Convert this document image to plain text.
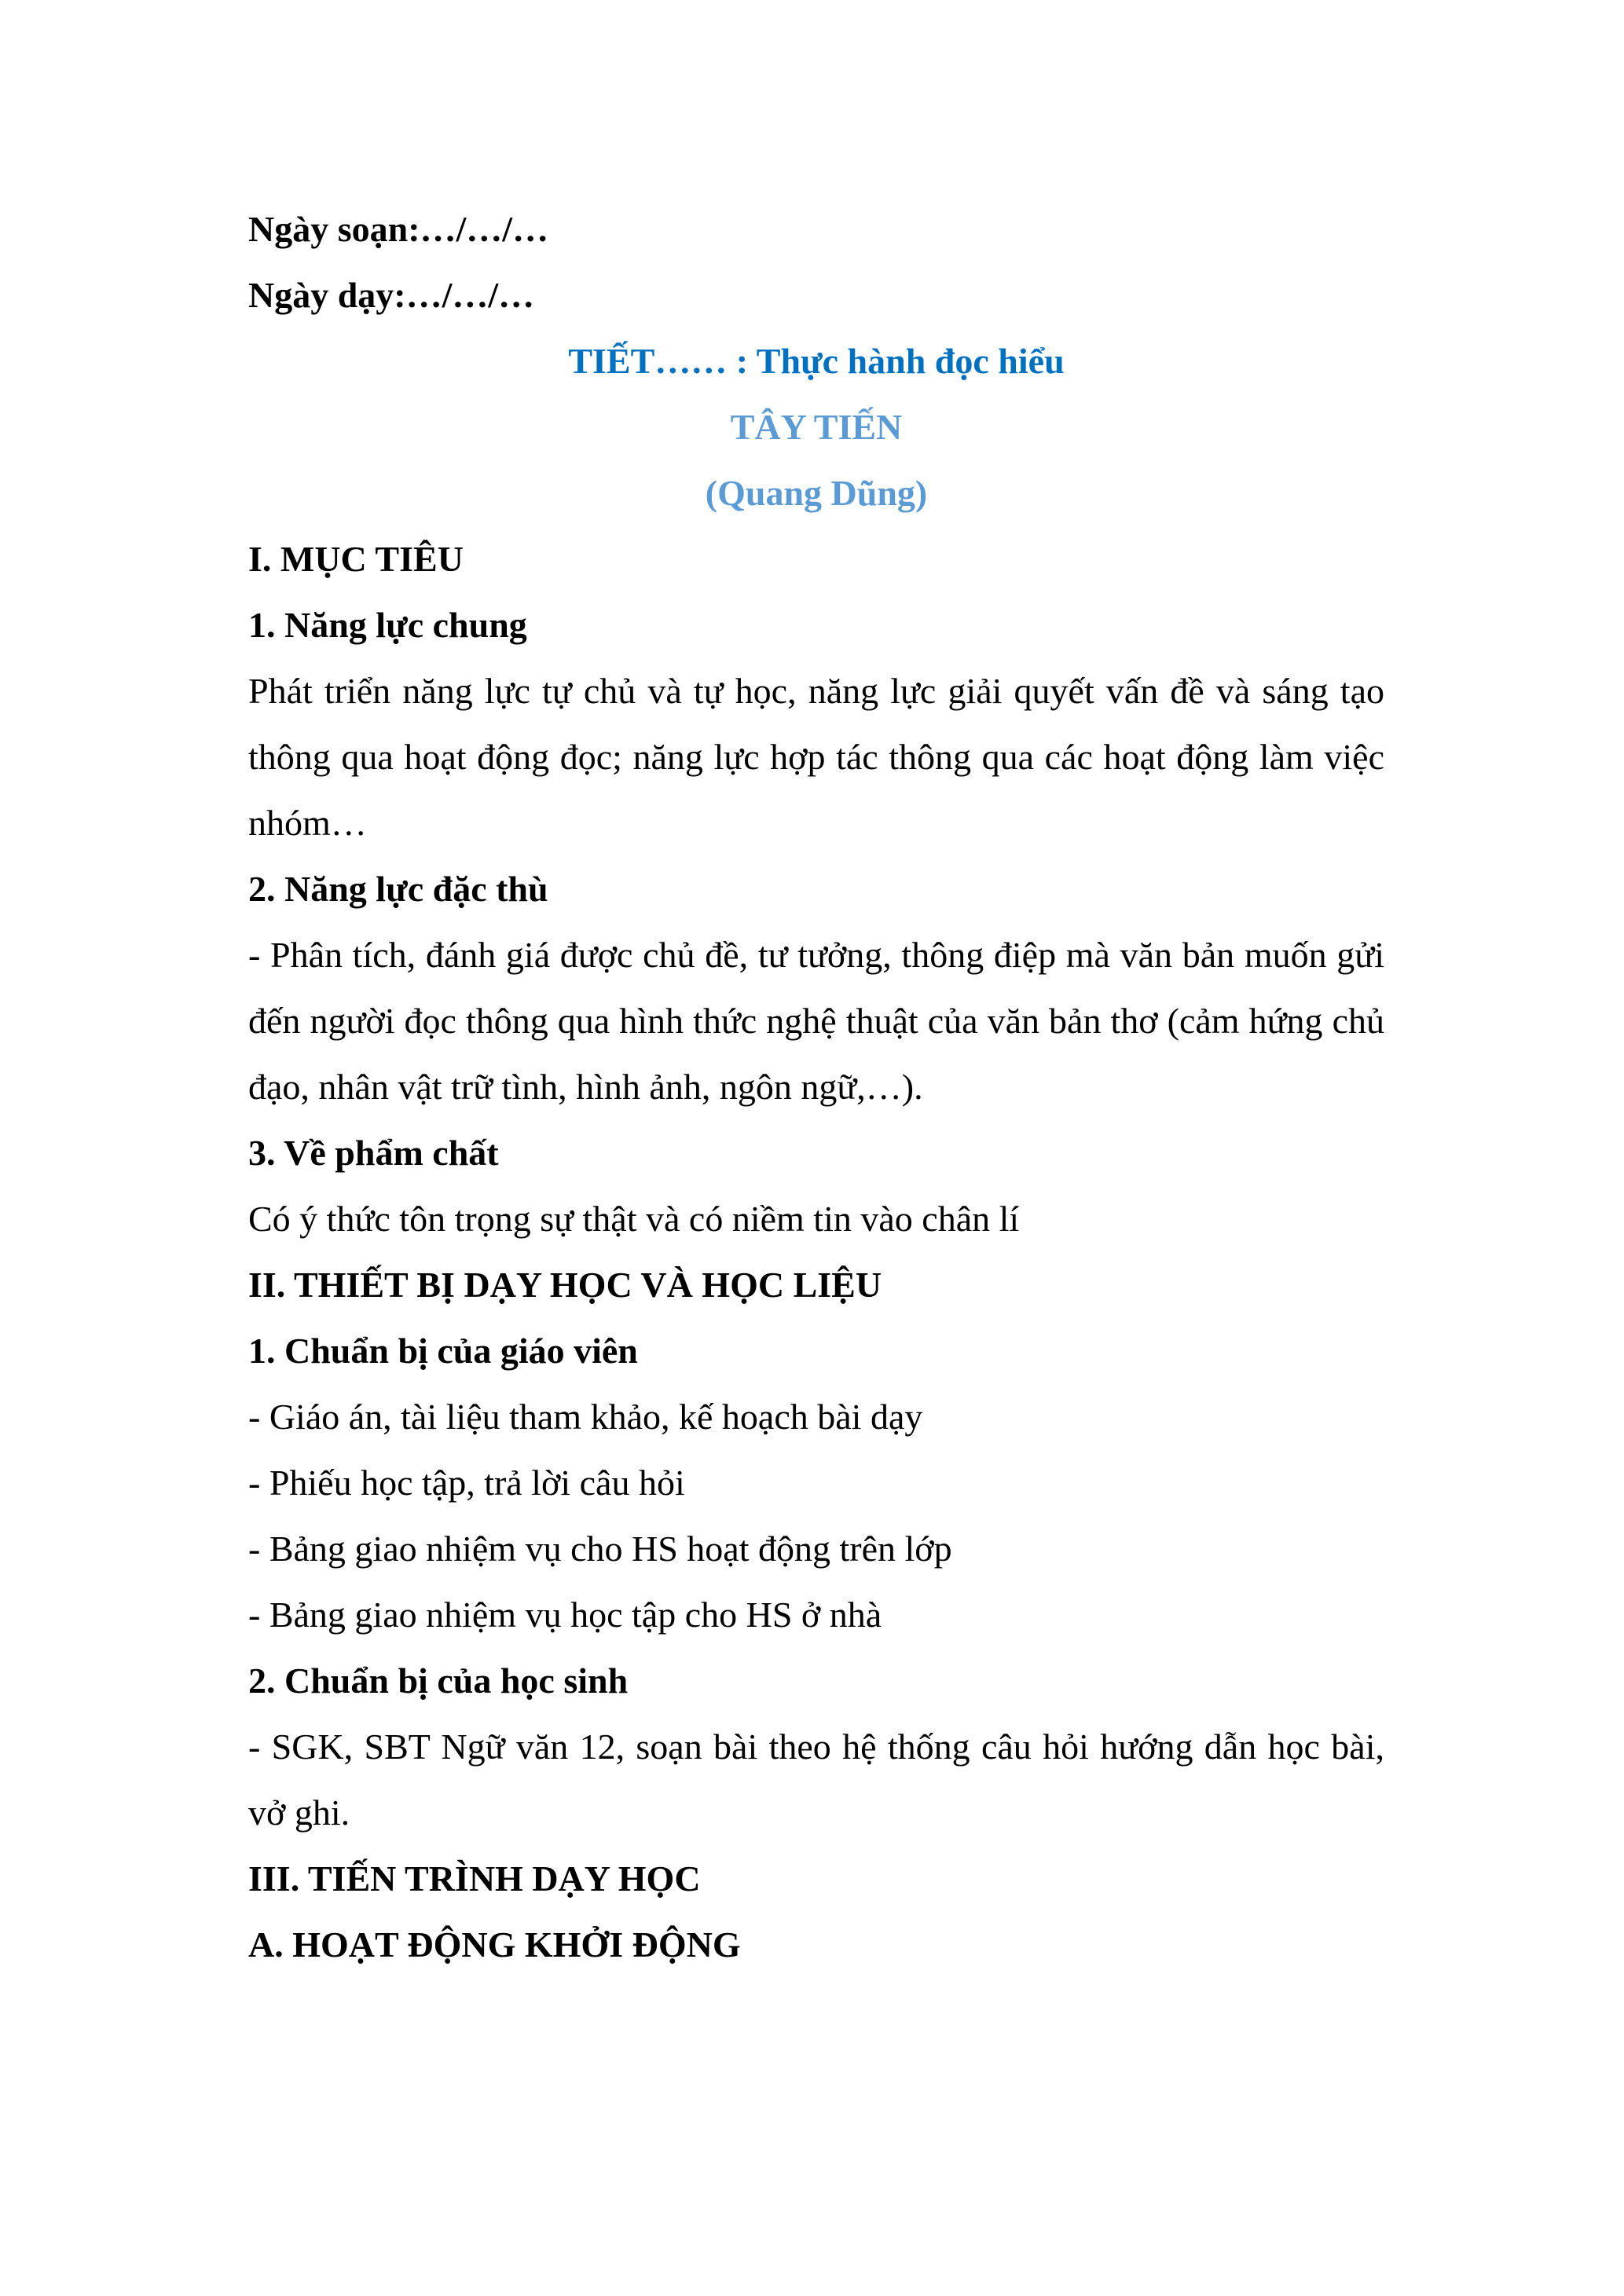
Ngày soạn:…/…/…

Ngày dạy:…/…/…

TIẾT…… : Thực hành đọc hiểu

TÂY TIẾN

(Quang Dũng)

I. MỤC TIÊU

1. Năng lực chung

Phát triển năng lực tự chủ và tự học, năng lực giải quyết vấn đề và sáng tạo thông qua hoạt động đọc; năng lực hợp tác thông qua các hoạt động làm việc nhóm…

2. Năng lực đặc thù

- Phân tích, đánh giá được chủ đề, tư tưởng, thông điệp mà văn bản muốn gửi đến người đọc thông qua hình thức nghệ thuật của văn bản thơ (cảm hứng chủ đạo, nhân vật trữ tình, hình ảnh, ngôn ngữ,…).

3. Về phẩm chất

Có ý thức tôn trọng sự thật và có niềm tin vào chân lí

II. THIẾT BỊ DẠY HỌC VÀ HỌC LIỆU

1. Chuẩn bị của giáo viên

- Giáo án, tài liệu tham khảo, kế hoạch bài dạy

- Phiếu học tập, trả lời câu hỏi

- Bảng giao nhiệm vụ cho HS hoạt động trên lớp

- Bảng giao nhiệm vụ học tập cho HS ở nhà

2. Chuẩn bị của học sinh

- SGK, SBT Ngữ văn 12, soạn bài theo hệ thống câu hỏi hướng dẫn học bài, vở ghi.

III. TIẾN TRÌNH DẠY HỌC

A. HOẠT ĐỘNG KHỞI ĐỘNG
